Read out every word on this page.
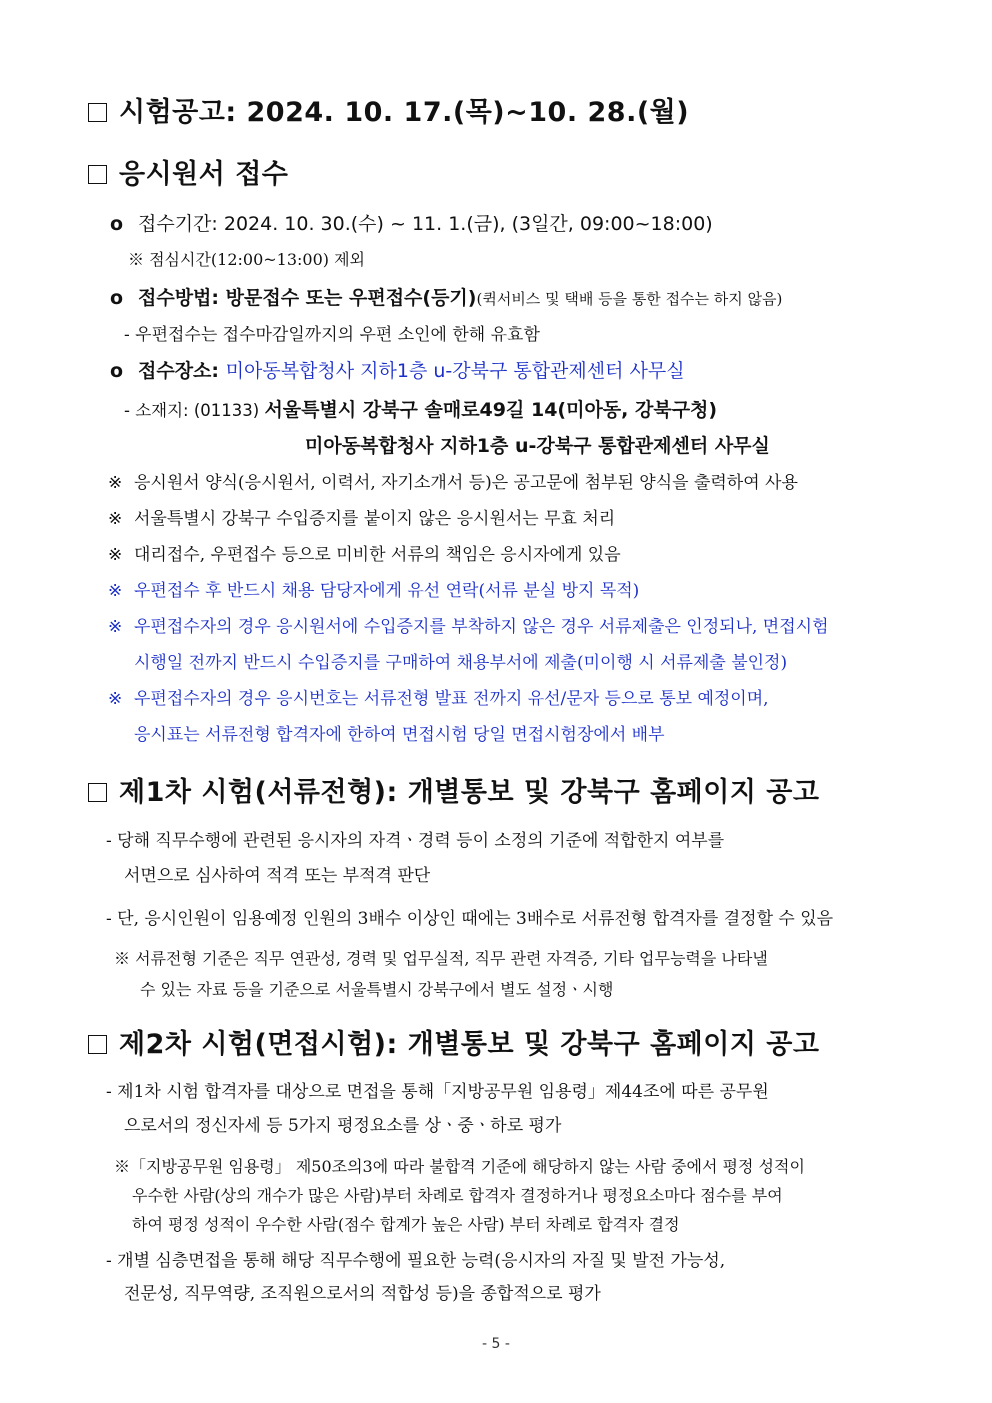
시험공고: 2024. 10. 17.(목)~10. 28.(월)
응시원서 접수
o 접수기간: 2024. 10. 30.(수) ~ 11. 1.(금), (3일간, 09:00~18:00)
※ 점심시간(12:00~13:00) 제외
o 접수방법: 방문접수 또는 우편접수(등기)(퀵서비스 및 택배 등을 통한 접수는 하지 않음)
- 우편접수는 접수마감일까지의 우편 소인에 한해 유효함
o 접수장소: 미아동복합청사 지하1층 u-강북구 통합관제센터 사무실
- 소재지: (01133) 서울특별시 강북구 솔매로49길 14(미아동, 강북구청)
미아동복합청사 지하1층 u-강북구 통합관제센터 사무실
※ 응시원서 양식(응시원서, 이력서, 자기소개서 등)은 공고문에 첨부된 양식을 출력하여 사용
※ 서울특별시 강북구 수입증지를 붙이지 않은 응시원서는 무효 처리
※ 대리접수, 우편접수 등으로 미비한 서류의 책임은 응시자에게 있음
※ 우편접수 후 반드시 채용 담당자에게 유선 연락(서류 분실 방지 목적)
※ 우편접수자의 경우 응시원서에 수입증지를 부착하지 않은 경우 서류제출은 인정되나, 면접시험
시행일 전까지 반드시 수입증지를 구매하여 채용부서에 제출(미이행 시 서류제출 불인정)
※ 우편접수자의 경우 응시번호는 서류전형 발표 전까지 유선/문자 등으로 통보 예정이며,
응시표는 서류전형 합격자에 한하여 면접시험 당일 면접시험장에서 배부
제1차 시험(서류전형): 개별통보 및 강북구 홈페이지 공고
- 당해 직무수행에 관련된 응시자의 자격ㆍ경력 등이 소정의 기준에 적합한지 여부를
서면으로 심사하여 적격 또는 부적격 판단
- 단, 응시인원이 임용예정 인원의 3배수 이상인 때에는 3배수로 서류전형 합격자를 결정할 수 있음
※ 서류전형 기준은 직무 연관성, 경력 및 업무실적, 직무 관련 자격증, 기타 업무능력을 나타낼
수 있는 자료 등을 기준으로 서울특별시 강북구에서 별도 설정ㆍ시행
제2차 시험(면접시험): 개별통보 및 강북구 홈페이지 공고
- 제1차 시험 합격자를 대상으로 면접을 통해「지방공무원 임용령」제44조에 따른 공무원
으로서의 정신자세 등 5가지 평정요소를 상ㆍ중ㆍ하로 평가
※「지방공무원 임용령」 제50조의3에 따라 불합격 기준에 해당하지 않는 사람 중에서 평정 성적이
우수한 사람(상의 개수가 많은 사람)부터 차례로 합격자 결정하거나 평정요소마다 점수를 부여
하여 평정 성적이 우수한 사람(점수 합계가 높은 사람) 부터 차례로 합격자 결정
- 개별 심층면접을 통해 해당 직무수행에 필요한 능력(응시자의 자질 및 발전 가능성,
전문성, 직무역량, 조직원으로서의 적합성 등)을 종합적으로 평가
- 5 -
